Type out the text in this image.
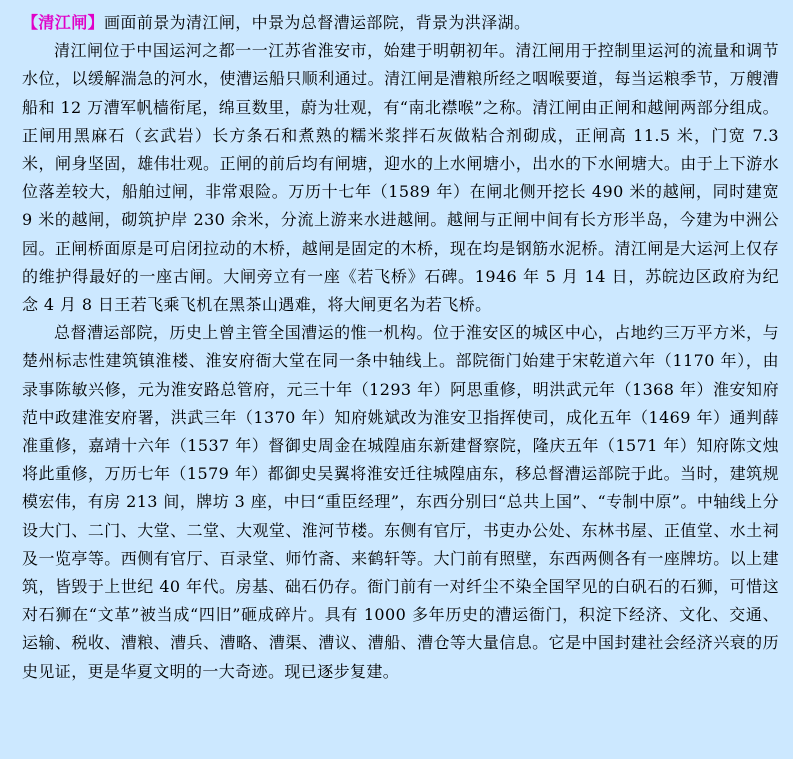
【清江闸】画面前景为清江闸，中景为总督漕运部院，背景为洪泽湖。

清江闸位于中国运河之都一一江苏省淮安市，始建于明朝初年。清江闸用于控制里运河的流量和调节水位，以缓解湍急的河水，使漕运船只顺利通过。清江闸是漕粮所经之咽喉要道，每当运粮季节，万艘漕船和 12 万漕军帆樯衔尾，绵亘数里，蔚为壮观，有“南北襟喉”之称。清江闸由正闸和越闸两部分组成。正闸用黑麻石（玄武岩）长方条石和煮熟的糯米浆拌石灰做粘合剂砌成，正闸高 11.5 米，门宽 7.3 米，闸身坚固，雄伟壮观。正闸的前后均有闸塘，迎水的上水闸塘小，出水的下水闸塘大。由于上下游水位落差较大，船舶过闸，非常艰险。万历十七年（1589 年）在闸北侧开挖长 490 米的越闸，同时建宽 9 米的越闸，砌筑护岸 230 余米，分流上游来水进越闸。越闸与正闸中间有长方形半岛，今建为中洲公园。正闸桥面原是可启闭拉动的木桥，越闸是固定的木桥，现在均是钢筋水泥桥。清江闸是大运河上仅存的维护得最好的一座古闸。大闸旁立有一座《若飞桥》石碑。1946 年 5 月 14 日，苏皖边区政府为纪念 4 月 8 日王若飞乘飞机在黑茶山遇难，将大闸更名为若飞桥。

总督漕运部院，历史上曾主管全国漕运的惟一机构。位于淮安区的城区中心，占地约三万平方米，与楚州标志性建筑镇淮楼、淮安府衙大堂在同一条中轴线上。部院衙门始建于宋乾道六年（1170 年），由录事陈敏兴修，元为淮安路总管府，元三十年（1293 年）阿思重修，明洪武元年（1368 年）淮安知府范中政建淮安府署，洪武三年（1370 年）知府姚斌改为淮安卫指挥使司，成化五年（1469 年）通判薛准重修，嘉靖十六年（1537 年）督御史周金在城隍庙东新建督察院，隆庆五年（1571 年）知府陈文烛将此重修，万历七年（1579 年）都御史吴翼将淮安迁往城隍庙东，移总督漕运部院于此。当时，建筑规模宏伟，有房 213 间，牌坊 3 座，中曰“重臣经理”，东西分别曰“总共上国”、“专制中原”。中轴线上分设大门、二门、大堂、二堂、大观堂、淮河节楼。东侧有官厅，书吏办公处、东林书屋、正值堂、水土祠及一览亭等。西侧有官厅、百录堂、师竹斋、来鹤轩等。大门前有照壁，东西两侧各有一座牌坊。以上建筑，皆毁于上世纪 40 年代。房基、础石仍存。衙门前有一对纤尘不染全国罕见的白矾石的石狮，可惜这对石狮在“文革”被当成“四旧”砸成碎片。具有 1000 多年历史的漕运衙门，积淀下经济、文化、交通、运输、税收、漕粮、漕兵、漕略、漕渠、漕议、漕船、漕仓等大量信息。它是中国封建社会经济兴衰的历史见证，更是华夏文明的一大奇迹。现已逐步复建。
